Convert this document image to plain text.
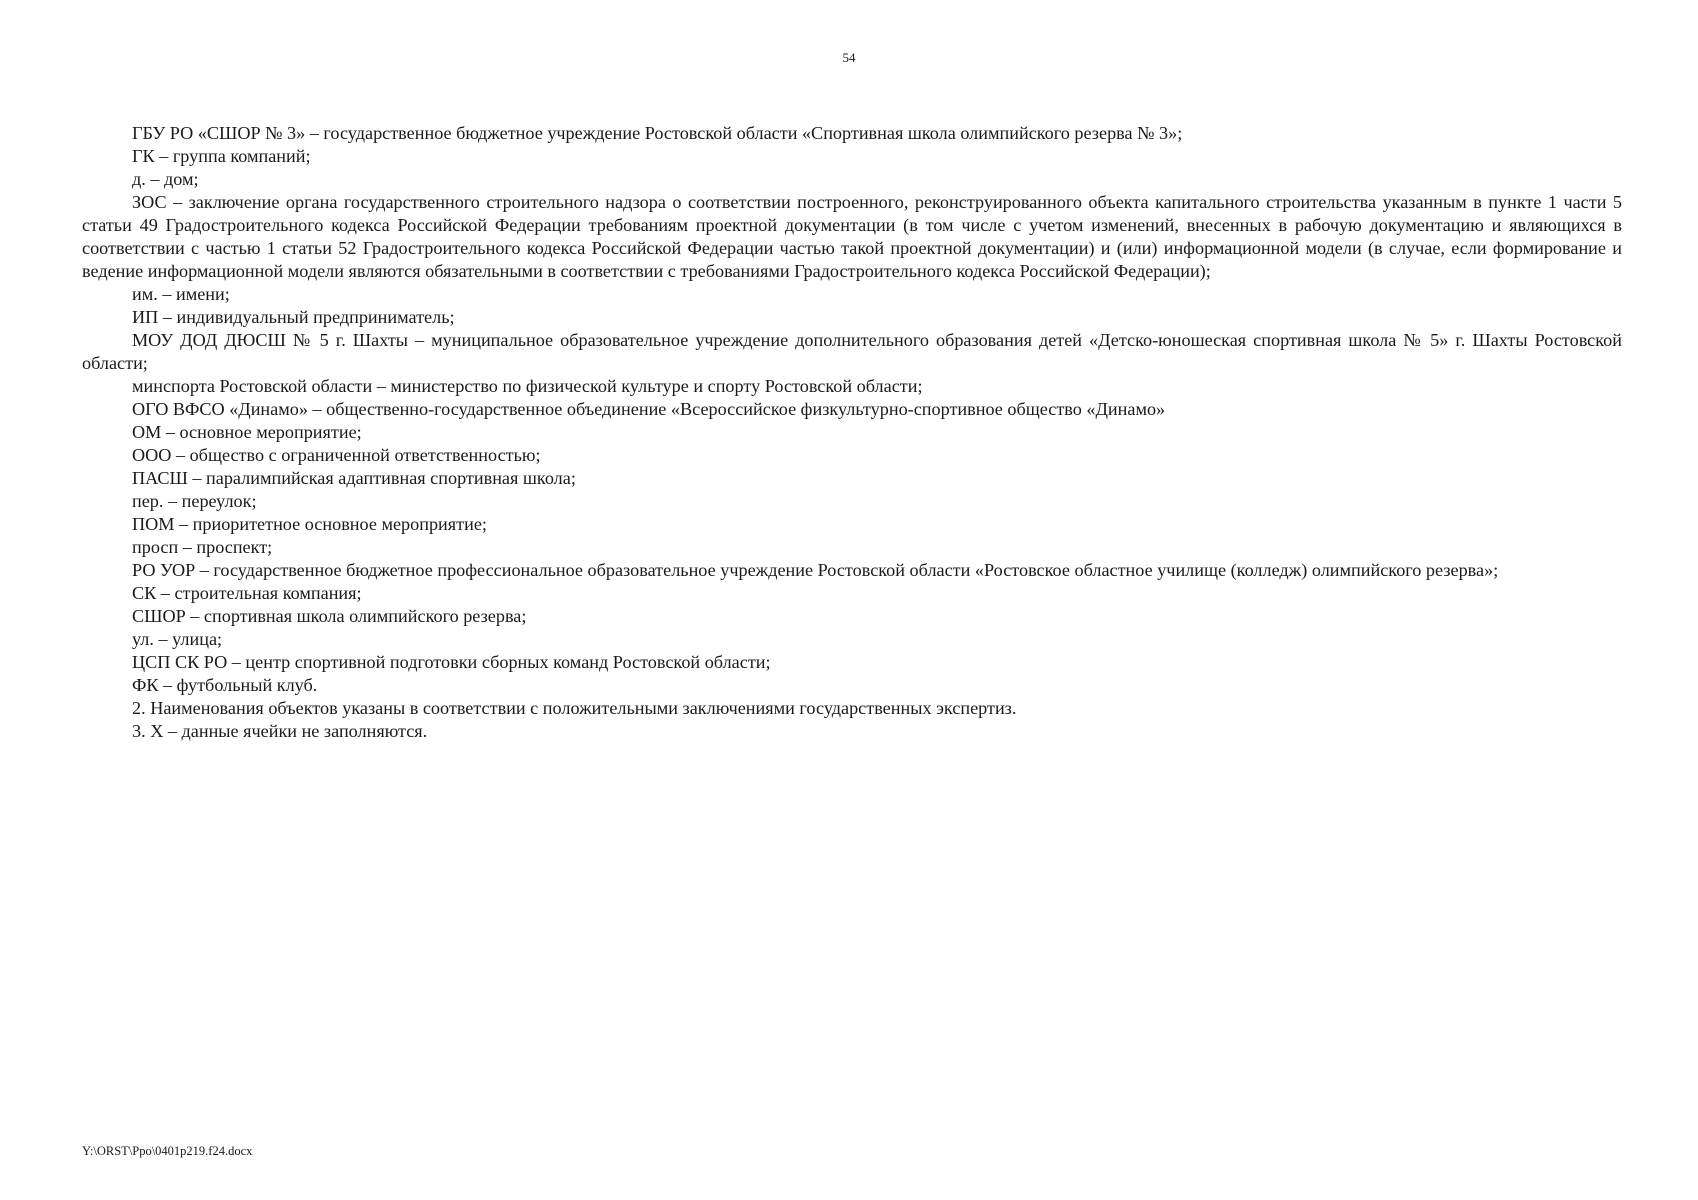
54

ГБУ РО «СШОР № 3» – государственное бюджетное учреждение Ростовской области «Спортивная школа олимпийского резерва № 3»;

ГК – группа компаний;

д. – дом;

ЗОС – заключение органа государственного строительного надзора о соответствии построенного, реконструированного объекта капитального строительства указанным в пункте 1 части 5 статьи 49 Градостроительного кодекса Российской Федерации требованиям проектной документации (в том числе с учетом изменений, внесенных в рабочую документацию и являющихся в соответствии с частью 1 статьи 52 Градостроительного кодекса Российской Федерации частью такой проектной документации) и (или) информационной модели (в случае, если формирование и ведение информационной модели являются обязательными в соответствии с требованиями Градостроительного кодекса Российской Федерации);

им. – имени;

ИП – индивидуальный предприниматель;

МОУ ДОД ДЮСШ № 5 г. Шахты – муниципальное образовательное учреждение дополнительного образования детей «Детско-юношеская спортивная школа № 5» г. Шахты Ростовской области;

минспорта Ростовской области – министерство по физической культуре и спорту Ростовской области;

ОГО ВФСО «Динамо» – общественно-государственное объединение «Всероссийское физкультурно-спортивное общество «Динамо»

ОМ – основное мероприятие;

ООО – общество с ограниченной ответственностью;

ПАСШ – паралимпийская адаптивная спортивная школа;

пер. – переулок;

ПОМ – приоритетное основное мероприятие;

просп – проспект;

РО УОР – государственное бюджетное профессиональное образовательное учреждение Ростовской области «Ростовское областное училище (колледж) олимпийского резерва»;

СК – строительная компания;

СШОР – спортивная школа олимпийского резерва;

ул. – улица;

ЦСП СК РО – центр спортивной подготовки сборных команд Ростовской области;

ФК – футбольный клуб.

2. Наименования объектов указаны в соответствии с положительными заключениями государственных экспертиз.

3. Х – данные ячейки не заполняются.

Y:\ORST\Ppo\0401p219.f24.docx
